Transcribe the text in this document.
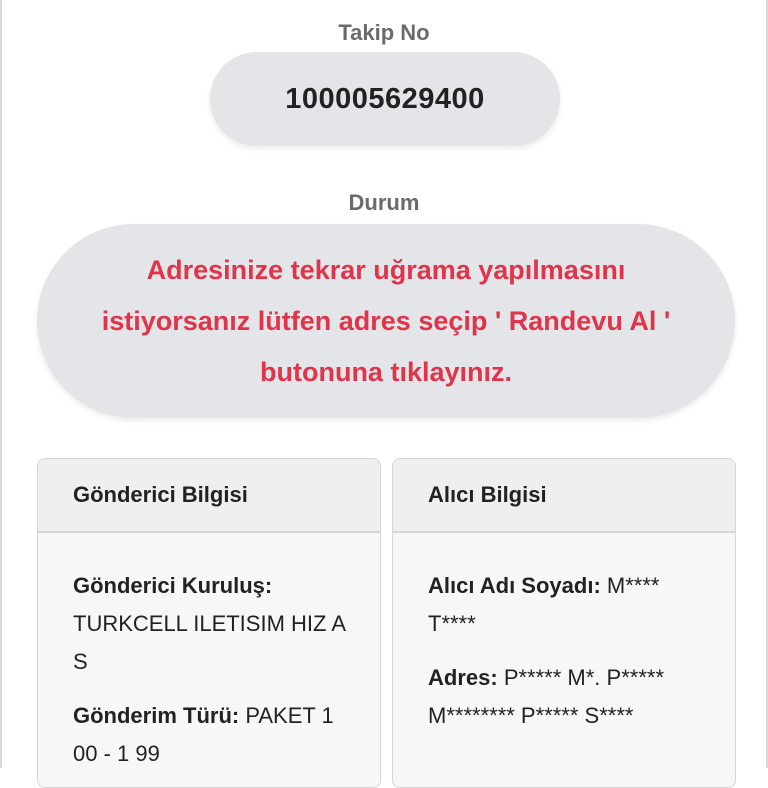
Takip No
100005629400
Durum
Adresinize tekrar uğrama yapılmasını istiyorsanız lütfen adres seçip ' Randevu Al ' butonuna tıklayınız.
Gönderici Bilgisi
Gönderici Kuruluş:
TURKCELL ILETISIM HIZ A S
Gönderim Türü: PAKET 1 00 - 1 99
Alıcı Bilgisi
Alıcı Adı Soyadı: M**** T****
Adres: P***** M*. P***** M******** P***** S****
